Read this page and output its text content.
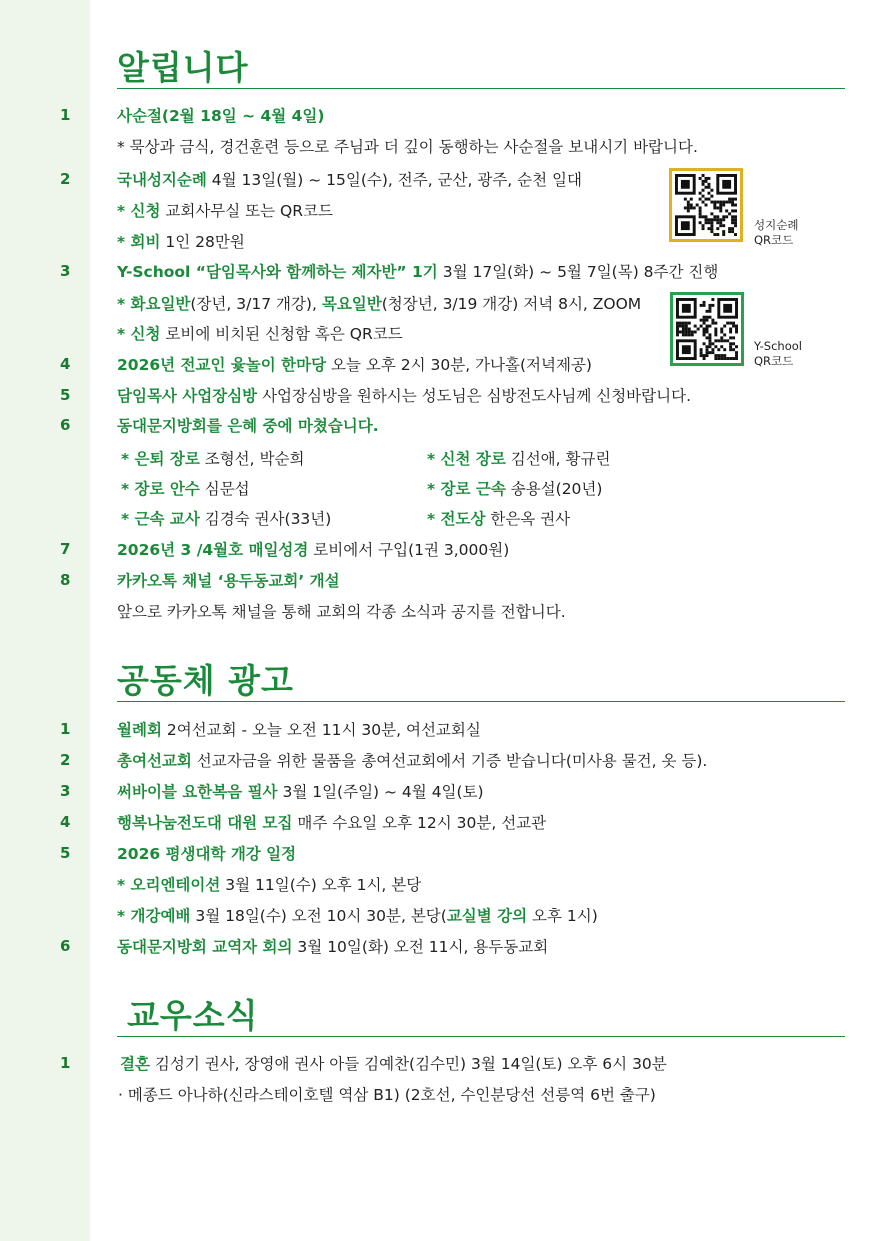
알립니다
1	사순절(2월 18일 ~ 4월 4일)
* 묵상과 금식, 경건훈련 등으로 주님과 더 깊이 동행하는 사순절을 보내시기 바랍니다.
2	국내성지순례 4월 13일(월) ~ 15일(수), 전주, 군산, 광주, 순천 일대
* 신청 교회사무실 또는 QR코드
* 회비 1인 28만원
3	Y-School “담임목사와 함께하는 제자반” 1기 3월 17일(화) ~ 5월 7일(목) 8주간 진행
* 화요일반(장년, 3/17 개강), 목요일반(청장년, 3/19 개강) 저녁 8시, ZOOM
* 신청 로비에 비치된 신청함 혹은 QR코드
4	2026년 전교인 윷놀이 한마당 오늘 오후 2시 30분, 가나홀(저녁제공)
5	담임목사 사업장심방 사업장심방을 원하시는 성도님은 심방전도사님께 신청바랍니다.
6	동대문지방회를 은혜 중에 마쳤습니다.
* 은퇴 장로 조형선, 박순희	* 신천 장로 김선애, 황규린
* 장로 안수 심문섭	* 장로 근속 송용설(20년)
* 근속 교사 김경숙 권사(33년)	* 전도상 한은옥 권사
7	2026년 3 /4월호 매일성경 로비에서 구입(1권 3,000원)
8	카카오톡 채널 ‘용두동교회’ 개설
앞으로 카카오톡 채널을 통해 교회의 각종 소식과 공지를 전합니다.
성지순례
QR코드
Y-School
QR코드
공동체 광고
1	월례회 2여선교회 - 오늘 오전 11시 30분, 여선교회실
2	총여선교회 선교자금을 위한 물품을 총여선교회에서 기증 받습니다(미사용 물건, 옷 등).
3	써바이블 요한복음 필사 3월 1일(주일) ~ 4월 4일(토)
4	행복나눔전도대 대원 모집 매주 수요일 오후 12시 30분, 선교관
5	2026 평생대학 개강 일정
* 오리엔테이션 3월 11일(수) 오후 1시, 본당
* 개강예배 3월 18일(수) 오전 10시 30분, 본당(교실별 강의 오후 1시)
6	동대문지방회 교역자 회의 3월 10일(화) 오전 11시, 용두동교회
교우소식
1	결혼 김성기 권사, 장영애 권사 아들 김예찬(김수민) 3월 14일(토) 오후 6시 30분
· 메종드 아나하(신라스테이호텔 역삼 B1) (2호선, 수인분당선 선릉역 6번 출구)
